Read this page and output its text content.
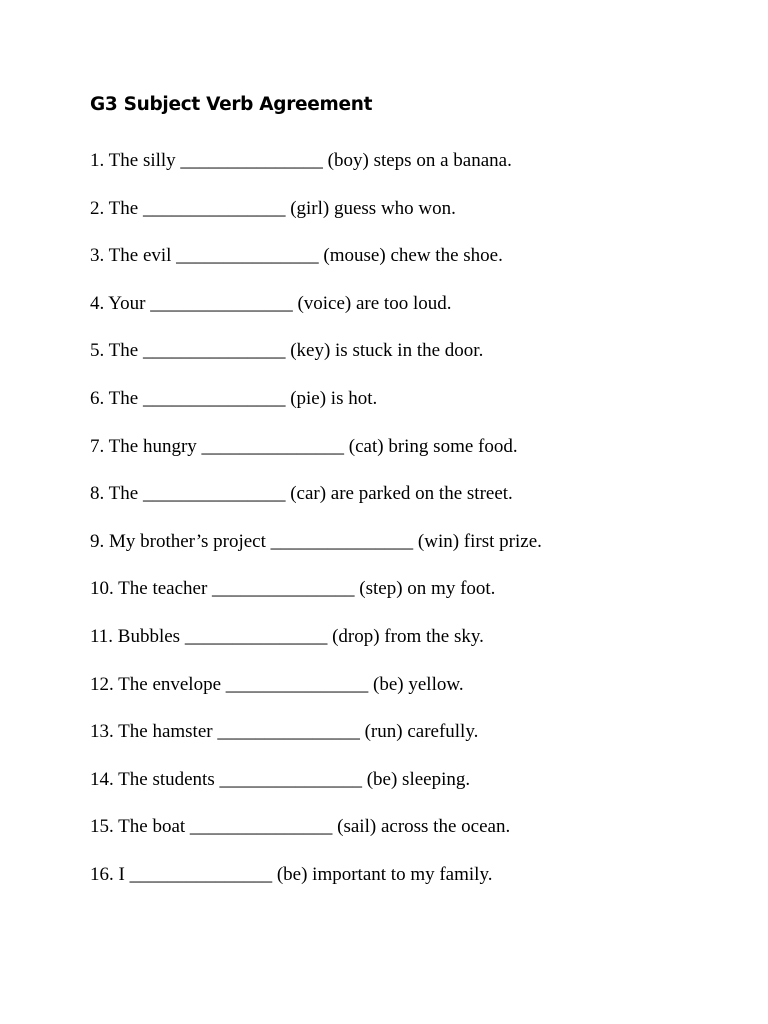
G3 Subject Verb Agreement
1. The silly _______________ (boy) steps on a banana.
2. The _______________ (girl) guess who won.
3. The evil _______________ (mouse) chew the shoe.
4. Your _______________ (voice) are too loud.
5. The _______________ (key) is stuck in the door.
6. The _______________ (pie) is hot.
7. The hungry _______________ (cat) bring some food.
8. The _______________ (car) are parked on the street.
9. My brother’s project _______________ (win) first prize.
10. The teacher _______________ (step) on my foot.
11. Bubbles _______________ (drop) from the sky.
12. The envelope _______________ (be) yellow.
13. The hamster _______________ (run) carefully.
14. The students _______________ (be) sleeping.
15. The boat _______________ (sail) across the ocean.
16. I _______________ (be) important to my family.
